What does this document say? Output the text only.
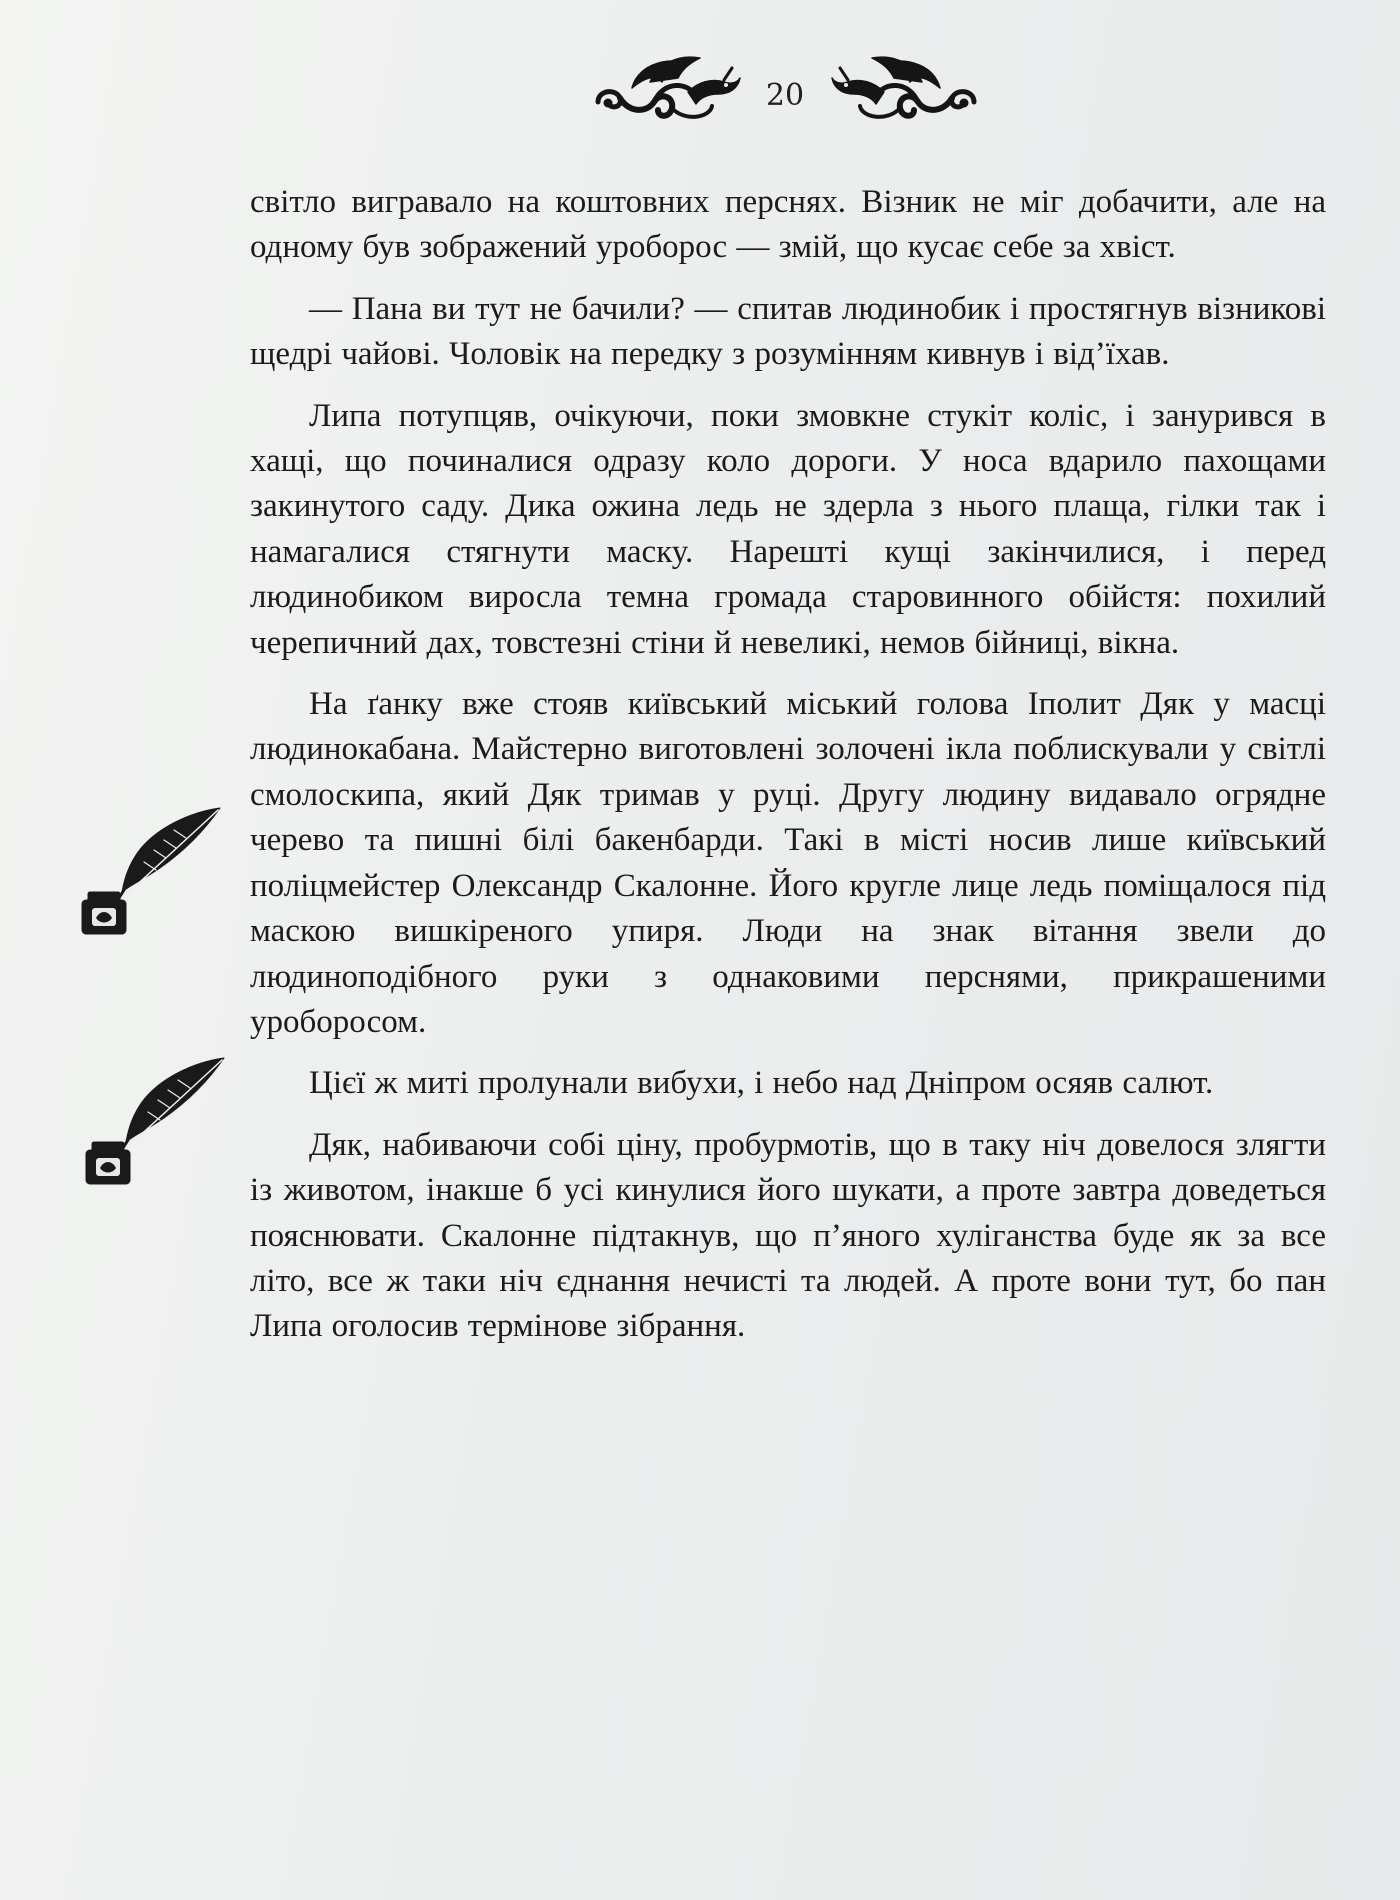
20

світло вигравало на коштовних перснях. Візник не міг добачити, але на одному був зображений уроборос — змій, що кусає себе за хвіст.

— Пана ви тут не бачили? — спитав людинобик і простягнув візникові щедрі чайові. Чоловік на передку з розумінням кивнув і від’їхав.

Липа потупцяв, очікуючи, поки змовкне стукіт коліс, і занурився в хащі, що починалися одразу коло дороги. У носа вдарило пахощами закинутого саду. Дика ожина ледь не здерла з нього плаща, гілки так і намагалися стягнути маску. Нарешті кущі закінчилися, і перед людинобиком виросла темна громада старовинного обійстя: похилий черепичний дах, товстезні стіни й невеликі, немов бійниці, вікна.

На ґанку вже стояв київський міський голова Іполит Дяк у масці людинокабана. Майстерно виготовлені золочені ікла поблискували у світлі смолоскипа, який Дяк тримав у руці. Другу людину видавало огрядне черево та пишні білі бакенбарди. Такі в місті носив лише київський поліцмейстер Олександр Скалонне. Його кругле лице ледь поміщалося під маскою вишкіреного упиря. Люди на знак вітання звели до людиноподібного руки з однаковими перснями, прикрашеними уроборосом.

Цієї ж миті пролунали вибухи, і небо над Дніпром осяяв салют.

Дяк, набиваючи собі ціну, пробурмотів, що в таку ніч довелося злягти із животом, інакше б усі кинулися його шукати, а проте завтра доведеться пояснювати. Скалонне підтакнув, що п’яного хуліганства буде як за все літо, все ж таки ніч єднання нечисті та людей. А проте вони тут, бо пан Липа оголосив термінове зібрання.
